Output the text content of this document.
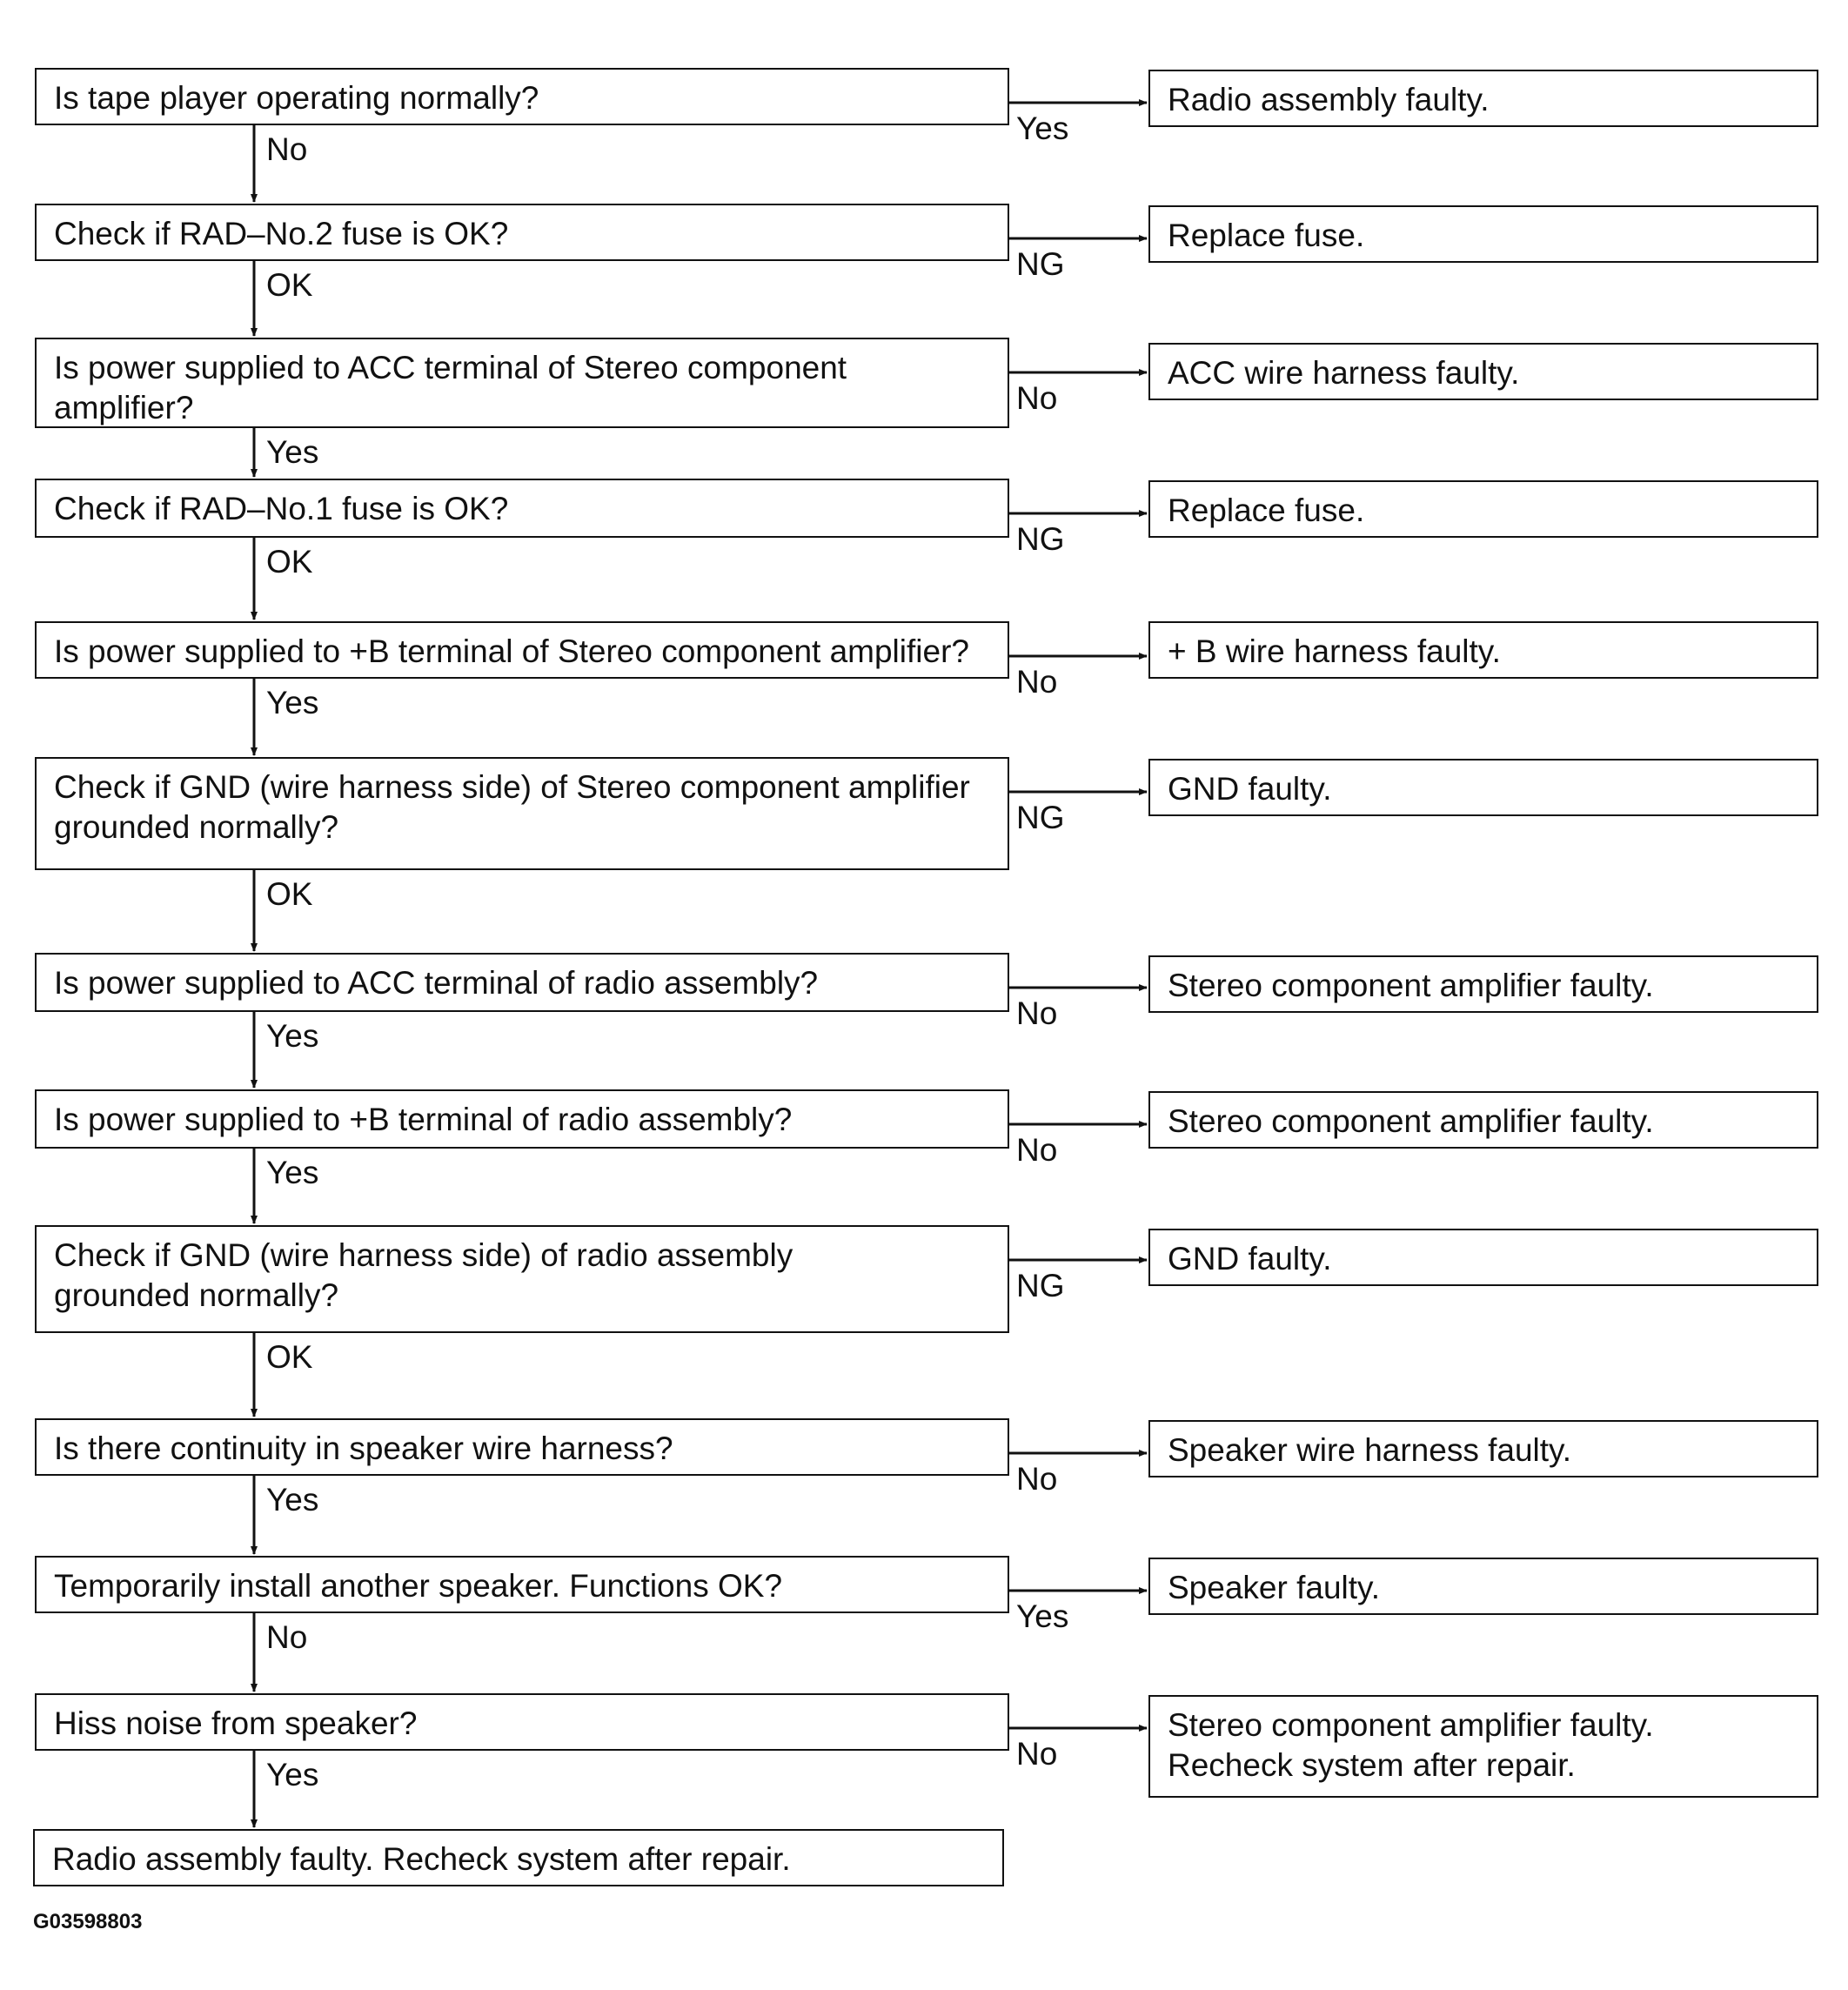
Is tape player operating normally?	Radio assembly faulty.
Yes
No
Check if RAD–No.2 fuse is OK?	Replace fuse.
NG
OK
Is power supplied to ACC terminal of Stereo component
amplifier?
ACC wire harness faulty.
No
Yes
Check if RAD–No.1 fuse is OK?	Replace fuse.
NG
OK
Is power supplied to +B terminal of Stereo component amplifier?	+ B wire harness faulty.
No
Yes
Check if GND (wire harness side) of Stereo component amplifier
grounded normally?
GND faulty.
NG
OK
Is power supplied to ACC terminal of radio assembly?	Stereo component amplifier faulty.
No
Yes
Is power supplied to +B terminal of radio assembly?	Stereo component amplifier faulty.
No
Yes
Check if GND (wire harness side) of radio assembly
grounded normally?
GND faulty.
NG
OK
Is there continuity in speaker wire harness?	Speaker wire harness faulty.
No
Yes
Temporarily install another speaker. Functions OK?	Speaker faulty.
Yes
No
Hiss noise from speaker?	Stereo component amplifier faulty.
Recheck system after repair.
No
Yes
Radio assembly faulty. Recheck system after repair.
G03598803
